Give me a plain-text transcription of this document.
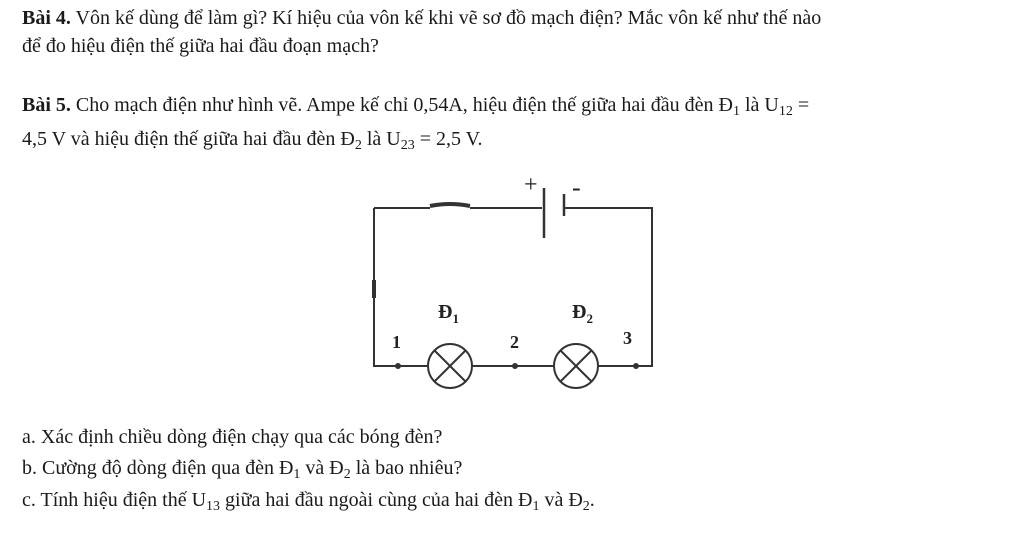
Bài 4. Vôn kế dùng để làm gì? Kí hiệu của vôn kế khi vẽ sơ đồ mạch điện? Mắc vôn kế như thế nào
để đo hiệu điện thế giữa hai đầu đoạn mạch?
Bài 5. Cho mạch điện như hình vẽ. Ampe kế chỉ 0,54A, hiệu điện thế giữa hai đầu đèn $Đ_1$ là $U_{12}$ =
4,5 V và hiệu điện thế giữa hai đầu đèn $Đ_2$ là $U_{23} = 2,5$ V.
+ -
$Đ_1$	$Đ_2$
1	2	3
a. Xác định chiều dòng điện chạy qua các bóng đèn?
b. Cường độ dòng điện qua đèn $Đ_1$ và $Đ_2$ là bao nhiêu?
c. Tính hiệu điện thế $U_{13}$ giữa hai đầu ngoài cùng của hai đèn $Đ_1$ và $Đ_2$.
